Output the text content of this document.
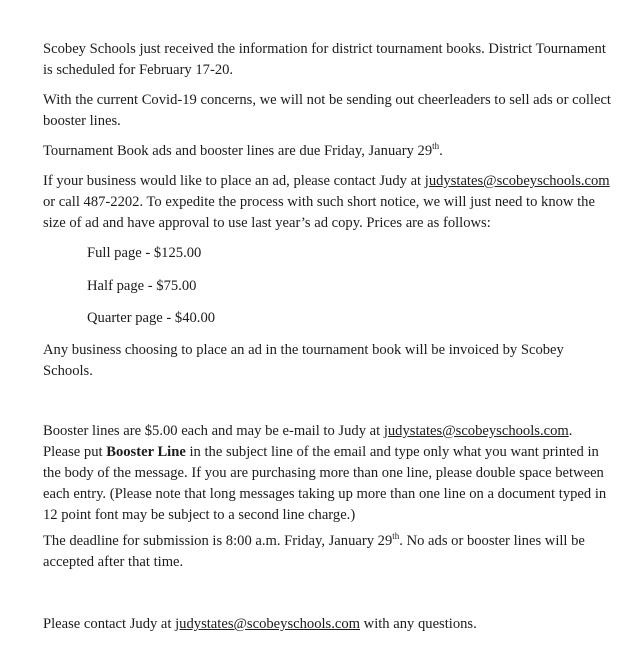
Scobey Schools just received the information for district tournament books. District Tournament
is scheduled for February 17-20.

With the current Covid-19 concerns, we will not be sending out cheerleaders to sell ads or collect
booster lines.

Tournament Book ads and booster lines are due Friday, January 29th.

If your business would like to place an ad, please contact Judy at judystates@scobeyschools.com
or call 487-2202. To expedite the process with such short notice, we will just need to know the
size of ad and have approval to use last year’s ad copy. Prices are as follows:

Full page - $125.00

Half page - $75.00

Quarter page - $40.00

Any business choosing to place an ad in the tournament book will be invoiced by Scobey
Schools.

Booster lines are $5.00 each and may be e-mail to Judy at judystates@scobeyschools.com.
Please put Booster Line in the subject line of the email and type only what you want printed in
the body of the message. If you are purchasing more than one line, please double space between
each entry. (Please note that long messages taking up more than one line on a document typed in
12 point font may be subject to a second line charge.)

The deadline for submission is 8:00 a.m. Friday, January 29th. No ads or booster lines will be
accepted after that time.

Please contact Judy at judystates@scobeyschools.com with any questions.
